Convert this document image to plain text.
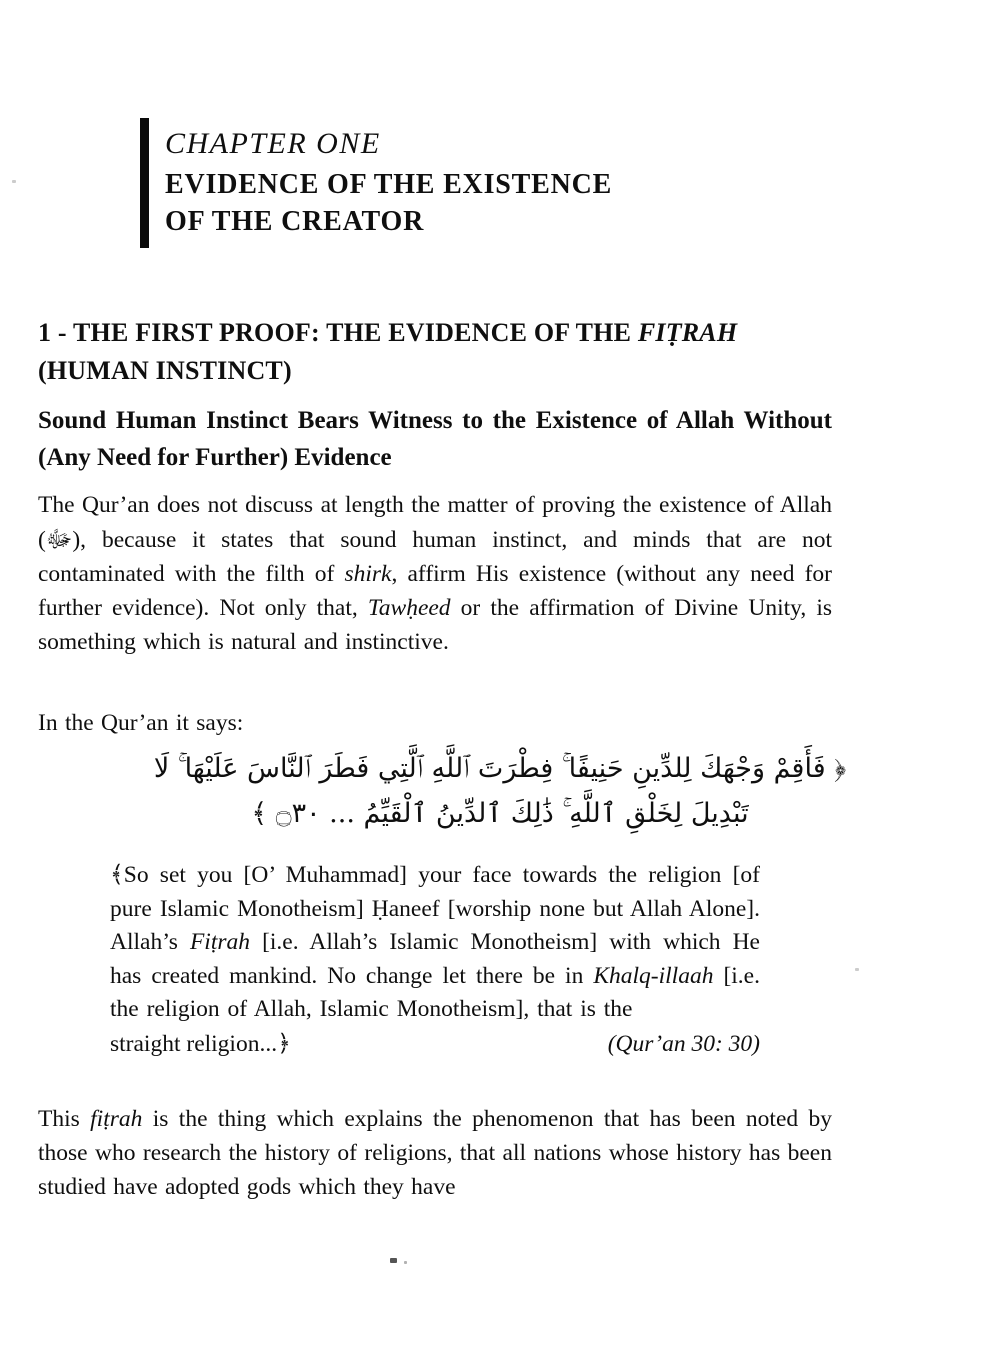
CHAPTER ONE
EVIDENCE OF THE EXISTENCE
OF THE CREATOR
1 - THE FIRST PROOF: THE EVIDENCE OF THE FIṬRAH (HUMAN INSTINCT)
Sound Human Instinct Bears Witness to the Existence of Allah Without (Any Need for Further) Evidence
The Qur’an does not discuss at length the matter of proving the existence of Allah (ﷻ), because it states that sound human instinct, and minds that are not contaminated with the filth of shirk, affirm His existence (without any need for further evidence). Not only that, Tawḥeed or the affirmation of Divine Unity, is something which is natural and instinctive.
In the Qur’an it says:
﴿ فَأَقِمْ وَجْهَكَ لِلدِّينِ حَنِيفًا ۚ فِطْرَتَ ٱللَّهِ ٱلَّتِي فَطَرَ ٱلنَّاسَ عَلَيْهَا ۚ لَا
تَبْدِيلَ لِخَلْقِ ٱللَّهِ ۚ ذَٰلِكَ ٱلدِّينُ ٱلْقَيِّمُ ... ۝٣٠ ﴾

﴾So set you [O’ Muhammad] your face towards the religion [of pure Islamic Monotheism] Ḥaneef [worship none but Allah Alone]. Allah’s Fiṭrah [i.e. Allah’s Islamic Monotheism] with which He has created mankind. No change let there be in Khalq-illaah [i.e. the religion of Allah, Islamic Monotheism], that is the

straight religion...﴿	(Qur’an 30: 30)
This fiṭrah is the thing which explains the phenomenon that has been noted by those who research the history of religions, that all nations whose history has been studied have adopted gods which they have
